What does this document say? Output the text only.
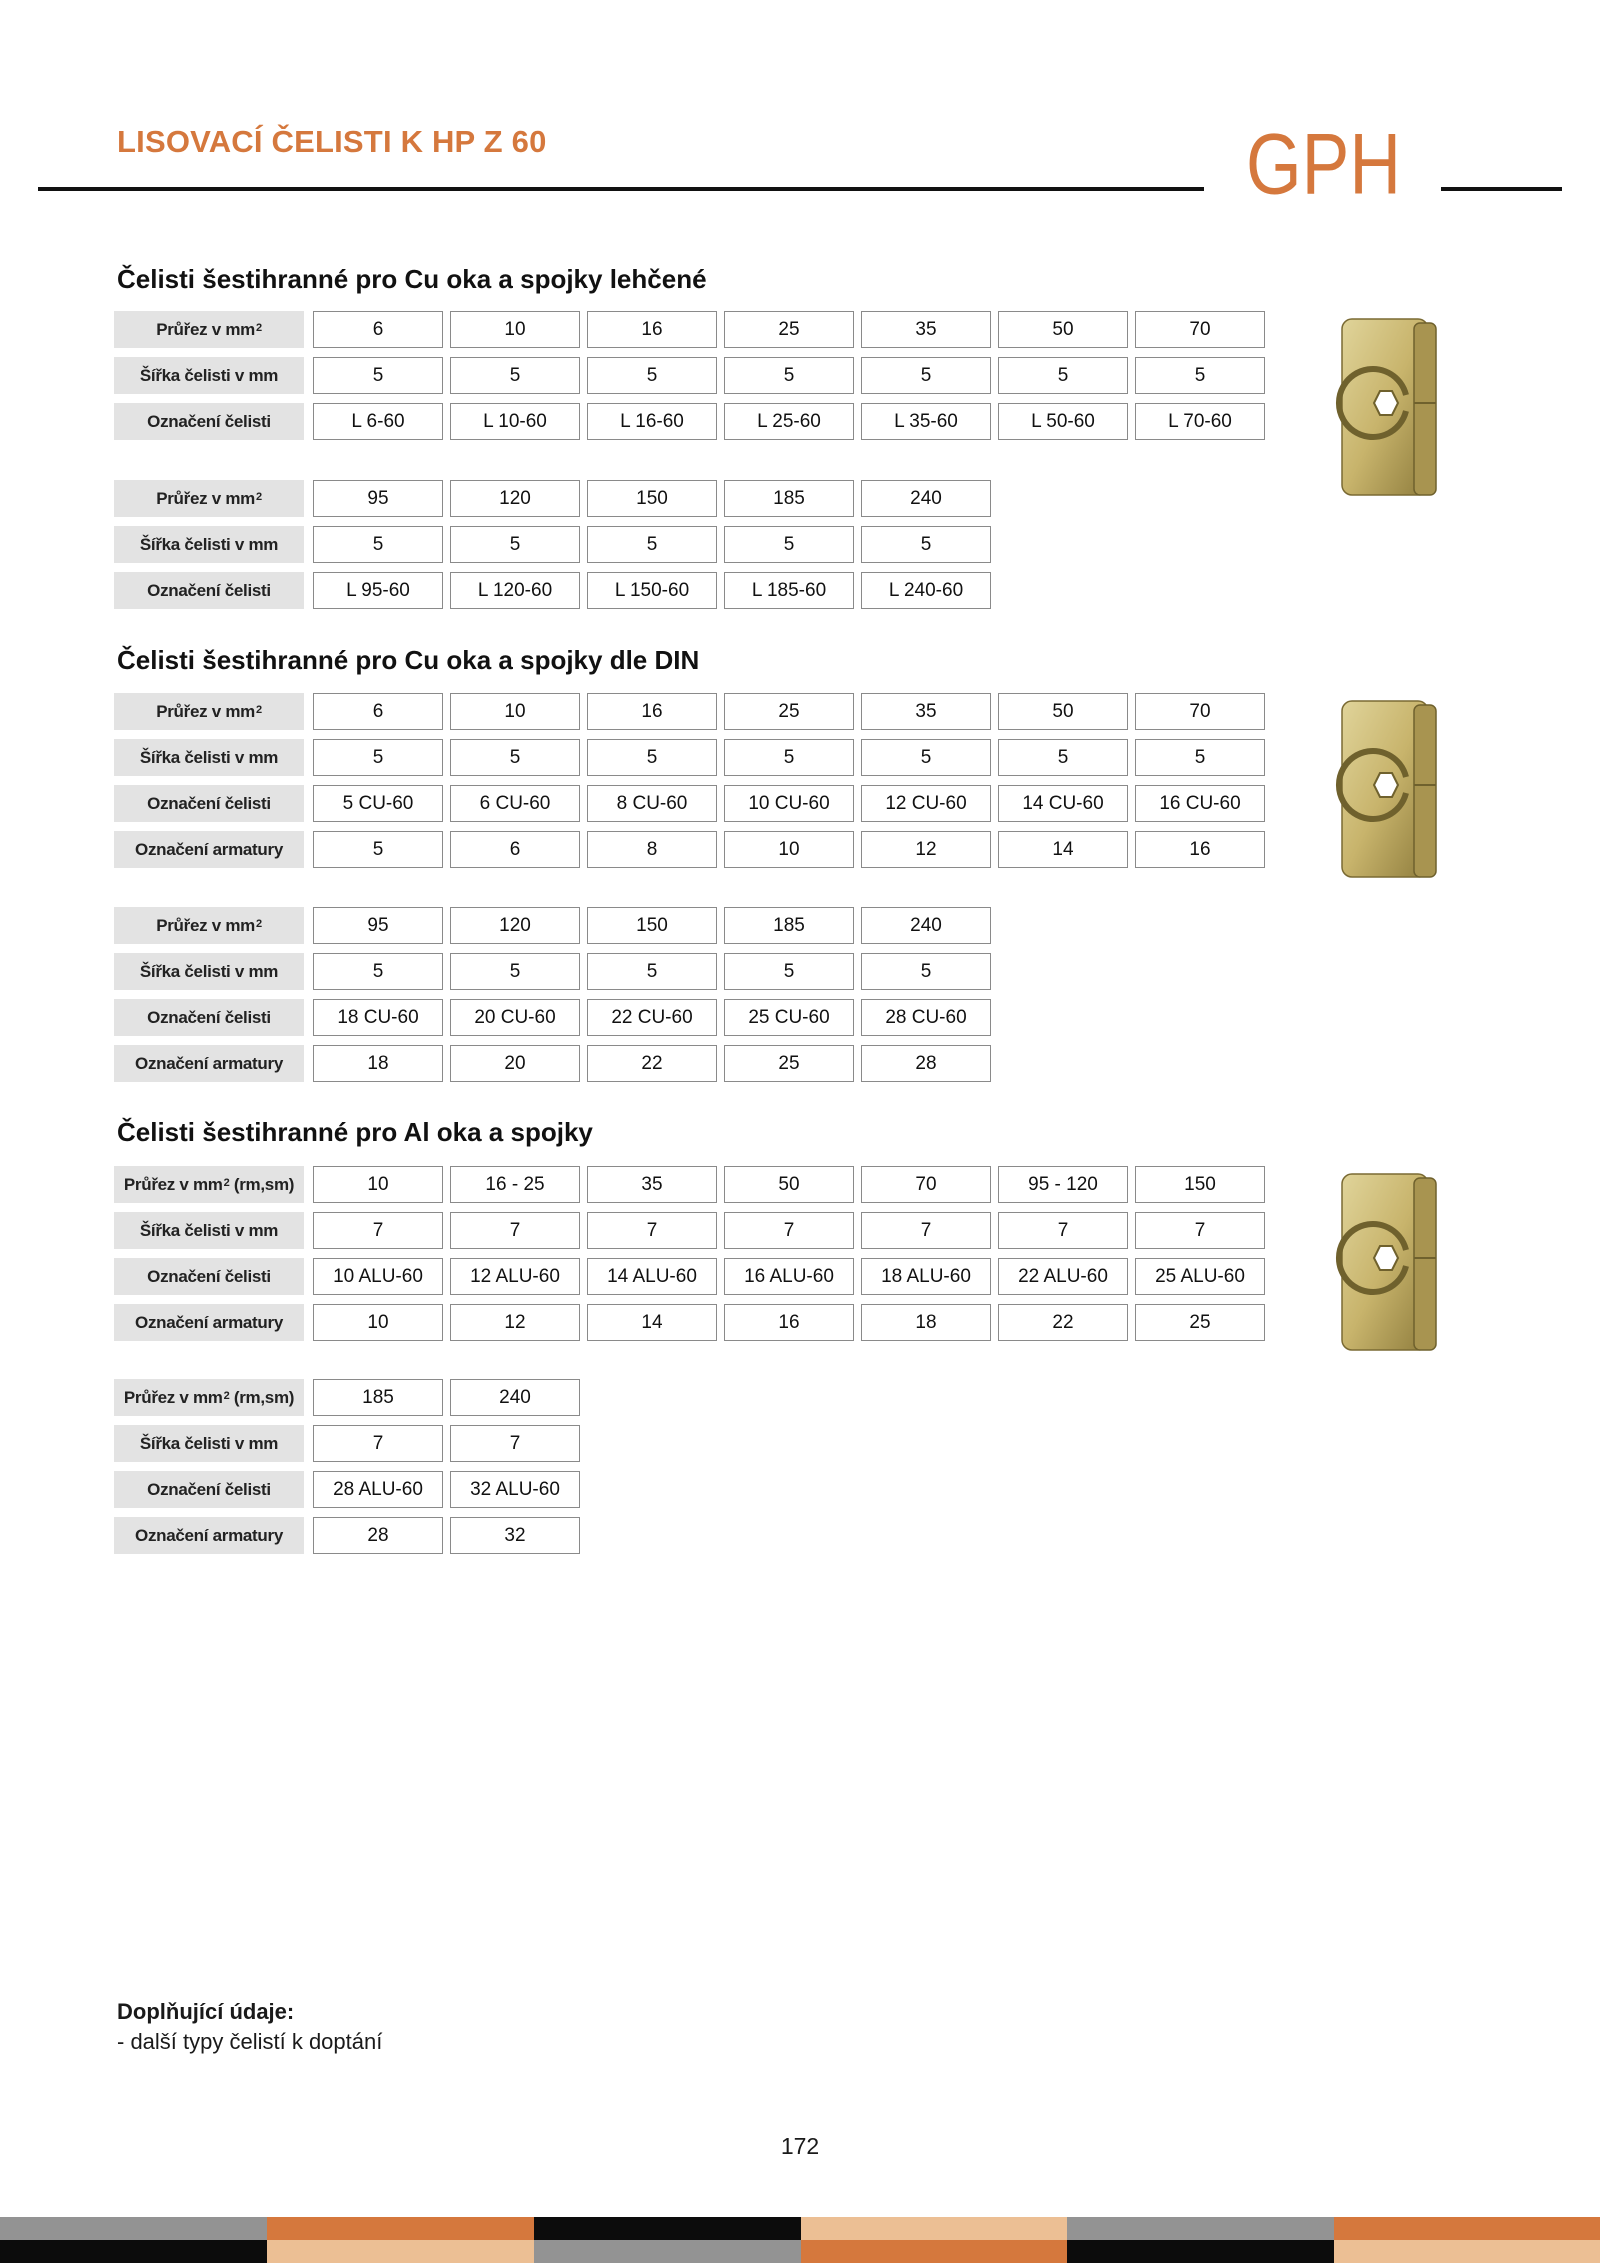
LISOVACÍ ČELISTI K HP Z 60	GPH
Čelisti šestihranné pro Cu oka a spojky lehčené
Průřez v $mm^2$	6	10	16	25	35	50	70
Šířka čelisti v mm	5	5	5	5	5	5	5
Označení čelisti	L 6-60	L 10-60	L 16-60	L 25-60	L 35-60	L 50-60	L 70-60
Průřez v $mm^2$	95	120	150	185	240
Šířka čelisti v mm	5	5	5	5	5
Označení čelisti	L 95-60	L 120-60	L 150-60	L 185-60	L 240-60
Čelisti šestihranné pro Cu oka a spojky dle DIN
Průřez v $mm^2$	6	10	16	25	35	50	70
Šířka čelisti v mm	5	5	5	5	5	5	5
Označení čelisti	5 CU-60	6 CU-60	8 CU-60	10 CU-60	12 CU-60	14 CU-60	16 CU-60
Označení armatury	5	6	8	10	12	14	16
Průřez v $mm^2$	95	120	150	185	240
Šířka čelisti v mm	5	5	5	5	5
Označení čelisti	18 CU-60	20 CU-60	22 CU-60	25 CU-60	28 CU-60
Označení armatury	18	20	22	25	28
Čelisti šestihranné pro Al oka a spojky
Průřez v $mm^2$ (rm,sm)	10	16 - 25	35	50	70	95 - 120	150
Šířka čelisti v mm	7	7	7	7	7	7	7
Označení čelisti	10 ALU-60	12 ALU-60	14 ALU-60	16 ALU-60	18 ALU-60	22 ALU-60	25 ALU-60
Označení armatury	10	12	14	16	18	22	25
Průřez v $mm^2$ (rm,sm)	185	240
Šířka čelisti v mm	7	7
Označení čelisti	28 ALU-60	32 ALU-60
Označení armatury	28	32
Doplňující údaje:
- další typy čelistí k doptání
172
